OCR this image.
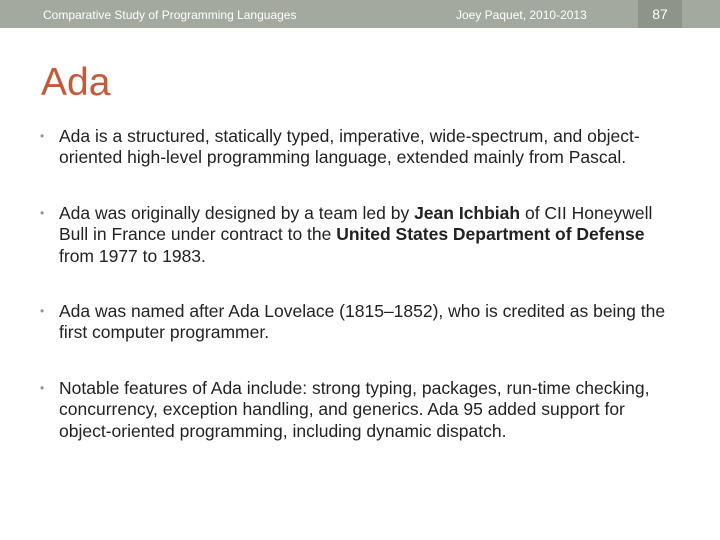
Comparative Study of Programming Languages	Joey Paquet, 2010-2013	87
Ada
• Ada is a structured, statically typed, imperative, wide-spectrum, and object-oriented high-level programming language, extended mainly from Pascal.
• Ada was originally designed by a team led by Jean Ichbiah of CII Honeywell Bull in France under contract to the United States Department of Defense from 1977 to 1983.
• Ada was named after Ada Lovelace (1815–1852), who is credited as being the first computer programmer.
• Notable features of Ada include: strong typing, packages, run-time checking, concurrency, exception handling, and generics. Ada 95 added support for object-oriented programming, including dynamic dispatch.
